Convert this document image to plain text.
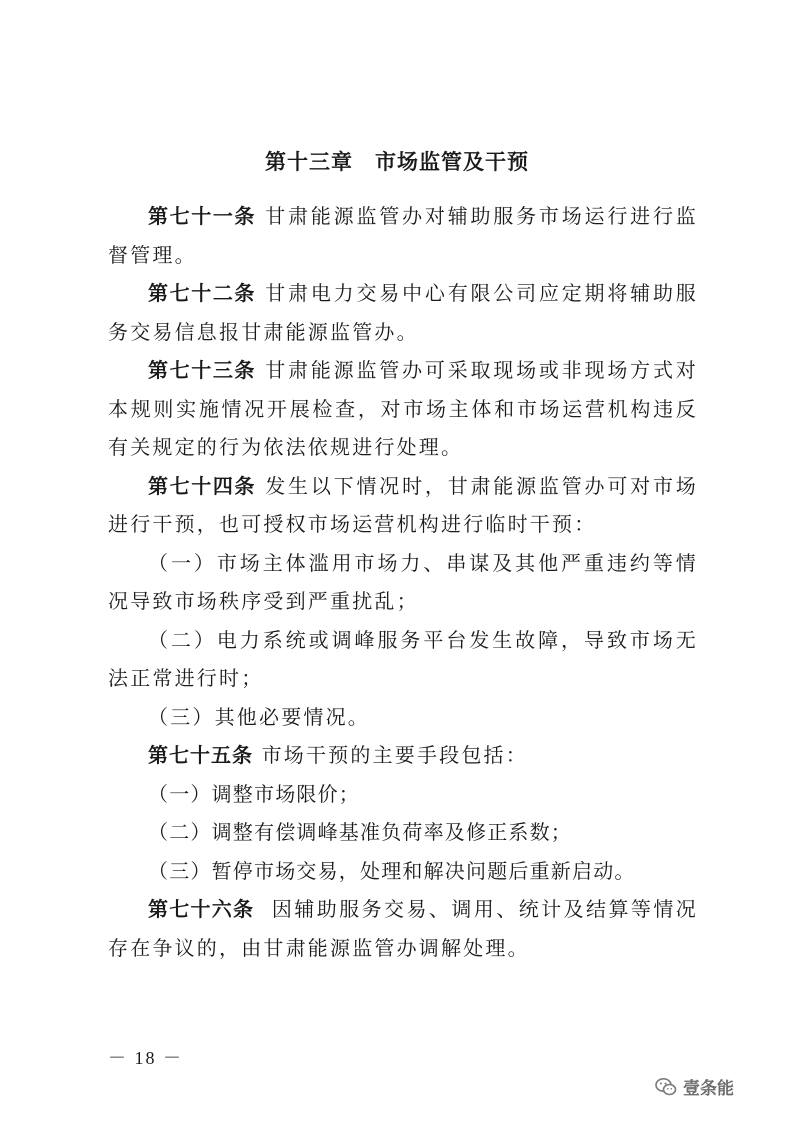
第十三章 市场监管及干预

第七十一条 甘肃能源监管办对辅助服务市场运行进行监督管理。

第七十二条 甘肃电力交易中心有限公司应定期将辅助服务交易信息报甘肃能源监管办。

第七十三条 甘肃能源监管办可采取现场或非现场方式对本规则实施情况开展检查，对市场主体和市场运营机构违反有关规定的行为依法依规进行处理。

第七十四条 发生以下情况时，甘肃能源监管办可对市场进行干预，也可授权市场运营机构进行临时干预：

（一）市场主体滥用市场力、串谋及其他严重违约等情况导致市场秩序受到严重扰乱；

（二）电力系统或调峰服务平台发生故障，导致市场无法正常进行时；

（三）其他必要情况。

第七十五条 市场干预的主要手段包括：

（一）调整市场限价；

（二）调整有偿调峰基准负荷率及修正系数；

（三）暂停市场交易，处理和解决问题后重新启动。

第七十六条 因辅助服务交易、调用、统计及结算等情况存在争议的，由甘肃能源监管办调解处理。

－ 18 －
壹条能
